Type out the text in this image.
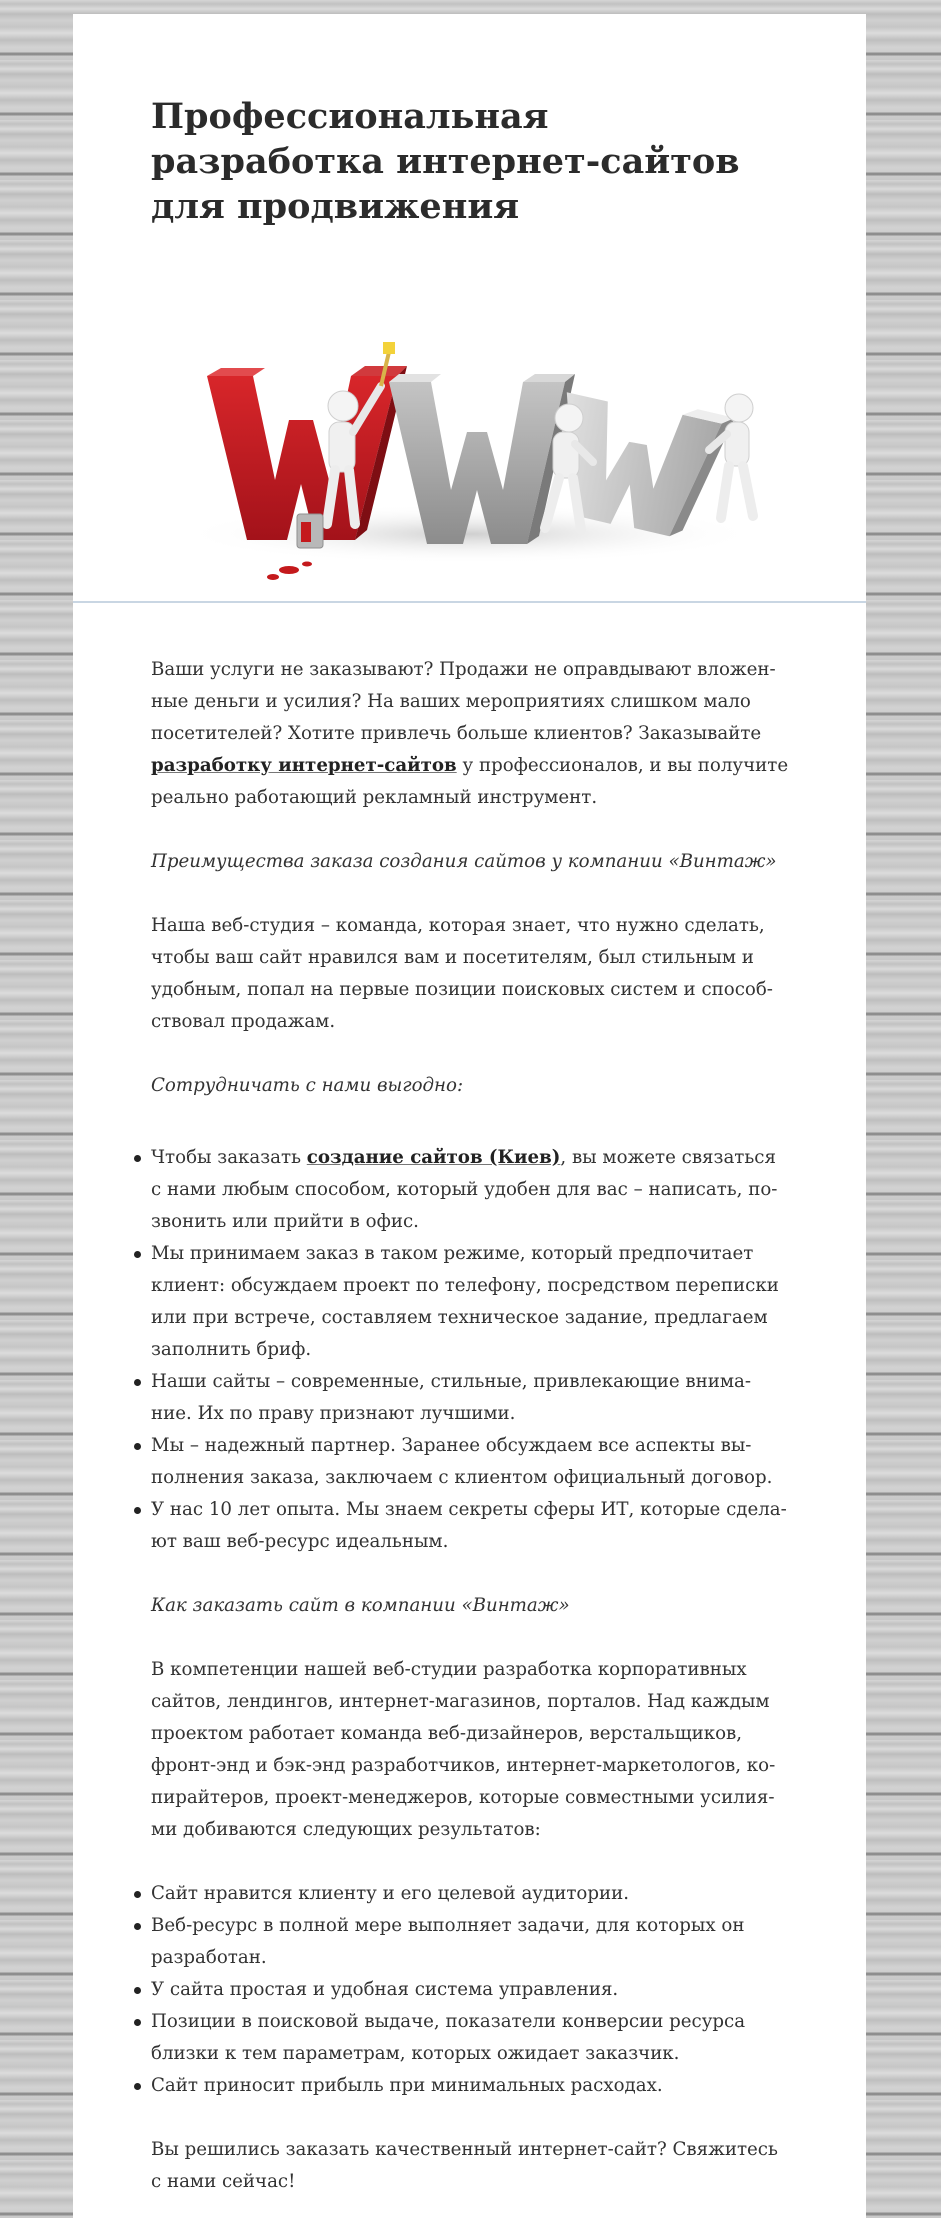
Профессиональная
разработка интернет-сайтов
для продвижения

Ваши услуги не заказывают? Продажи не оправдывают вложен-ные деньги и усилия? На ваших мероприятиях слишком мало посетителей? Хотите привлечь больше клиентов? Заказывайте разработку интернет-сайтов у профессионалов, и вы получите реально работающий рекламный инструмент.

Преимущества заказа создания сайтов у компании «Винтаж»

Наша веб-студия – команда, которая знает, что нужно сделать, чтобы ваш сайт нравился вам и посетителям, был стильным и удобным, попал на первые позиции поисковых систем и способ-ствовал продажам.

Сотрудничать с нами выгодно:

Чтобы заказать создание сайтов (Киев), вы можете связаться с нами любым способом, который удобен для вас – написать, по-звонить или прийти в офис.
Мы принимаем заказ в таком режиме, который предпочитает клиент: обсуждаем проект по телефону, посредством переписки или при встрече, составляем техническое задание, предлагаем заполнить бриф.
Наши сайты – современные, стильные, привлекающие внима-ние. Их по праву признают лучшими.
Мы – надежный партнер. Заранее обсуждаем все аспекты вы-полнения заказа, заключаем с клиентом официальный договор.
У нас 10 лет опыта. Мы знаем секреты сферы ИТ, которые сдела-ют ваш веб-ресурс идеальным.

Как заказать сайт в компании «Винтаж»

В компетенции нашей веб-студии разработка корпоративных сайтов, лендингов, интернет-магазинов, порталов. Над каждым проектом работает команда веб-дизайнеров, верстальщиков, фронт-энд и бэк-энд разработчиков, интернет-маркетологов, ко-пирайтеров, проект-менеджеров, которые совместными усилия-ми добиваются следующих результатов:

Сайт нравится клиенту и его целевой аудитории.
Веб-ресурс в полной мере выполняет задачи, для которых он разработан.
У сайта простая и удобная система управления.
Позиции в поисковой выдаче, показатели конверсии ресурса близки к тем параметрам, которых ожидает заказчик.
Сайт приносит прибыль при минимальных расходах.

Вы решились заказать качественный интернет-сайт? Свяжитесь с нами сейчас!
